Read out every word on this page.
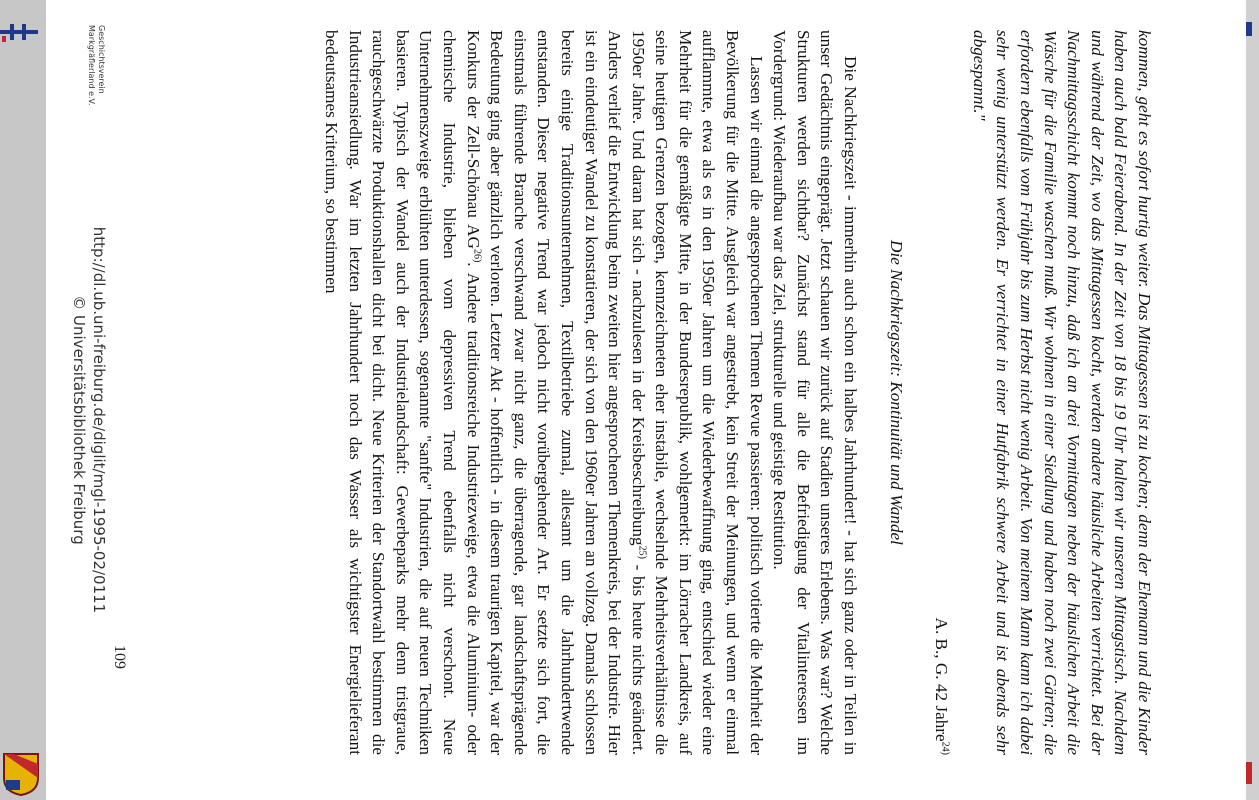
kommen, geht es sofort hurtig weiter. Das Mittagessen ist zu kochen; denn der Ehemann und die Kinder haben auch bald Feierabend. In der Zeit von 18 bis 19 Uhr halten wir unseren Mittagstisch. Nachdem und während der Zeit, wo das Mittagessen kocht, werden andere häusliche Arbeiten verrichtet. Bei der Nachmittagsschicht kommt noch hinzu, daß ich an drei Vormittagen neben der häuslichen Arbeit die Wäsche für die Familie waschen muß. Wir wohnen in einer Siedlung und haben noch zwei Gärten; die erfordern ebenfalls vom Frühjahr bis zum Herbst nicht wenig Arbeit. Von meinem Mann kann ich dabei sehr wenig unterstützt werden. Er verrichtet in einer Hutfabrik schwere Arbeit und ist abends sehr abgespannt."

A. B., G. 42 Jahre$^{24)}$

Die Nachkriegszeit: Kontinuität und Wandel

Die Nachkriegszeit - immerhin auch schon ein halbes Jahrhundert! - hat sich ganz oder in Teilen in unser Gedächtnis eingeprägt. Jetzt schauen wir zurück auf Stadien unseres Erlebens. Was war? Welche Strukturen werden sichtbar? Zunächst stand für alle die Befriedigung der Vitalinteressen im Vordergrund: Wiederaufbau war das Ziel, strukturelle und geistige Restitution.

Lassen wir einmal die angesprochenen Themen Revue passieren: politisch votierte die Mehrheit der Bevölkerung für die Mitte. Ausgleich war angestrebt, kein Streit der Meinungen, und wenn er einmal aufflammte, etwa als es in den 1950er Jahren um die Wiederbewaffnung ging, entschied wieder eine Mehrheit für die gemäßigte Mitte, in der Bundesrepublik, wohlgemerkt: im Lörracher Landkreis, auf seine heutigen Grenzen bezogen, kennzeichneten eher instabile, wechselnde Mehrheitsverhältnisse die 1950er Jahre. Und daran hat sich - nachzulesen in der Kreisbeschreibung$^{25)}$ - bis heute nichts geändert. Anders verlief die Entwicklung beim zweiten hier angesprochenen Themenkreis, bei der Industrie. Hier ist ein eindeutiger Wandel zu konstatieren, der sich von den 1960er Jahren an vollzog. Damals schlossen bereits einige Traditionsunternehmen, Textilbetriebe zumal, allesamt um die Jahrhundertwende entstanden. Dieser negative Trend war jedoch nicht vorübergehender Art. Er setzte sich fort, die einstmals führende Branche verschwand zwar nicht ganz, die überragende, gar landschaftsprägende Bedeutung ging aber gänzlich verloren. Letzter Akt - hoffentlich - in diesem traurigen Kapitel, war der Konkurs der Zell-Schönau AG$^{26)}$. Andere traditionsreiche Industriezweige, etwa die Aluminium- oder chemische Industrie, blieben vom depressiven Trend ebenfalls nicht verschont. Neue Unternehmenszweige erblühten unterdessen, sogenannte "sanfte" Industrien, die auf neuen Techniken basieren. Typisch der Wandel auch der Industrielandschaft: Gewerbeparks mehr denn tristgraue, rauchgeschwärzte Produktionshallen dicht bei dicht. Neue Kriterien der Standortwahl bestimmen die Industrieansiedlung. War im letzten Jahrhundert noch das Wasser als wichtigster Energielieferant bedeutsames Kriterium, so bestimmen

109
http://dl.ub.uni-freiburg.de/diglit/mgl-1995-02/0111
© Universitätsbibliothek Freiburg
Geschichtsverein
Markgräflerland e.V.
